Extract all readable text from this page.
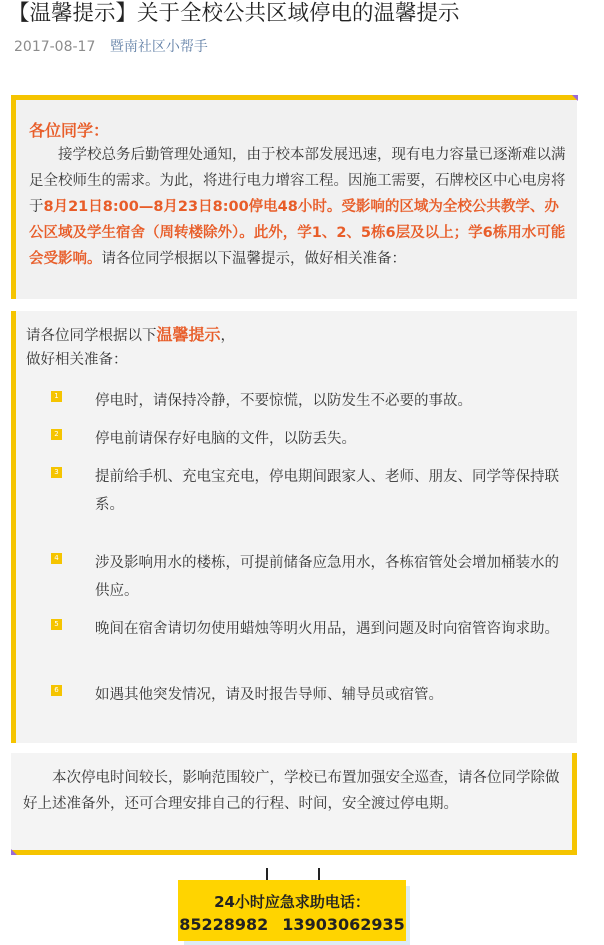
【温馨提示】关于全校公共区域停电的温馨提示
2017-08-17 暨南社区小帮手
各位同学：
接学校总务后勤管理处通知，由于校本部发展迅速，现有电力容量已逐渐难以满足全校师生的需求。为此，将进行电力增容工程。因施工需要，石牌校区中心电房将于8月21日8:00—8月23日8:00停电48小时。受影响的区域为全校公共教学、办公区域及学生宿舍（周转楼除外）。此外，学1、2、5栋6层及以上；学6栋用水可能会受影响。请各位同学根据以下温馨提示，做好相关准备：
请各位同学根据以下温馨提示，
做好相关准备：
1	停电时，请保持冷静，不要惊慌，以防发生不必要的事故。
2	停电前请保存好电脑的文件，以防丢失。
3	提前给手机、充电宝充电，停电期间跟家人、老师、朋友、同学等保持联系。
4	涉及影响用水的楼栋，可提前储备应急用水，各栋宿管处会增加桶装水的供应。
5	晚间在宿舍请切勿使用蜡烛等明火用品，遇到问题及时向宿管咨询求助。
6	如遇其他突发情况，请及时报告导师、辅导员或宿管。
本次停电时间较长，影响范围较广，学校已布置加强安全巡查，请各位同学除做好上述准备外，还可合理安排自己的行程、时间，安全渡过停电期。
24小时应急求助电话：
85228982 13903062935
